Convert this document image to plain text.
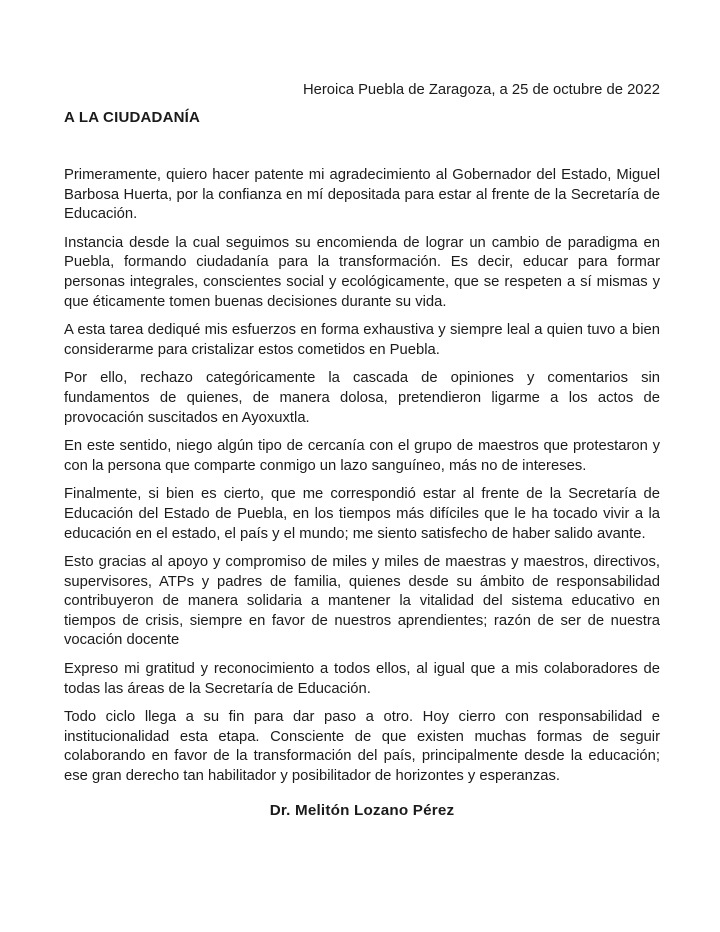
Heroica Puebla de Zaragoza, a 25 de octubre de 2022
A LA CIUDADANÍA

Primeramente, quiero hacer patente mi agradecimiento al Gobernador del Estado, Miguel Barbosa Huerta, por la confianza en mí depositada para estar al frente de la Secretaría de Educación.

Instancia desde la cual seguimos su encomienda de lograr un cambio de paradigma en Puebla, formando ciudadanía para la transformación. Es decir, educar para formar personas integrales, conscientes social y ecológicamente, que se respeten a sí mismas y que éticamente tomen buenas decisiones durante su vida.

A esta tarea dediqué mis esfuerzos en forma exhaustiva y siempre leal a quien tuvo a bien considerarme para cristalizar estos cometidos en Puebla.

Por ello, rechazo categóricamente la cascada de opiniones y comentarios sin fundamentos de quienes, de manera dolosa, pretendieron ligarme a los actos de provocación suscitados en Ayoxuxtla.

En este sentido, niego algún tipo de cercanía con el grupo de maestros que protestaron y con la persona que comparte conmigo un lazo sanguíneo, más no de intereses.

Finalmente, si bien es cierto, que me correspondió estar al frente de la Secretaría de Educación del Estado de Puebla, en los tiempos más difíciles que le ha tocado vivir a la educación en el estado, el país y el mundo; me siento satisfecho de haber salido avante.

Esto gracias al apoyo y compromiso de miles y miles de maestras y maestros, directivos, supervisores, ATPs y padres de familia, quienes desde su ámbito de responsabilidad contribuyeron de manera solidaria a mantener la vitalidad del sistema educativo en tiempos de crisis, siempre en favor de nuestros aprendientes; razón de ser de nuestra vocación docente

Expreso mi gratitud y reconocimiento a todos ellos, al igual que a mis colaboradores de todas las áreas de la Secretaría de Educación.

Todo ciclo llega a su fin para dar paso a otro. Hoy cierro con responsabilidad e institucionalidad esta etapa. Consciente de que existen muchas formas de seguir colaborando en favor de la transformación del país, principalmente desde la educación; ese gran derecho tan habilitador y posibilitador de horizontes y esperanzas.

Dr. Melitón Lozano Pérez
